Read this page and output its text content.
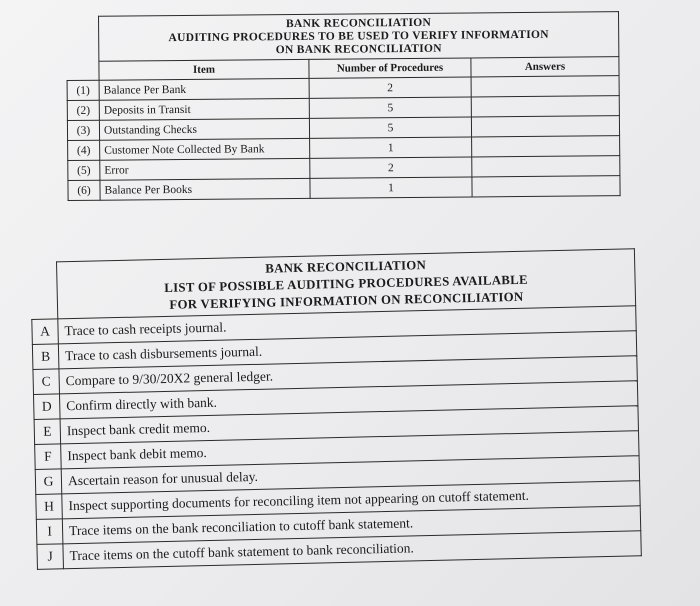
	BANK RECONCILIATION
AUDITING PROCEDURES TO BE USED TO VERIFY INFORMATION
ON BANK RECONCILIATION		

	Item	Number of Procedures	Answers
(1)	Balance Per Bank	2	
(2)	Deposits in Transit	5	
(3)	Outstanding Checks	5	
(4)	Customer Note Collected By Bank	1	
(5)	Error	2	
(6)	Balance Per Books	1	

	BANK RECONCILIATION
LIST OF POSSIBLE AUDITING PROCEDURES AVAILABLE
FOR VERIFYING INFORMATION ON RECONCILIATION

A	Trace to cash receipts journal.
B	Trace to cash disbursements journal.
C	Compare to 9/30/20X2 general ledger.
D	Confirm directly with bank.
E	Inspect bank credit memo.
F	Inspect bank debit memo.
G	Ascertain reason for unusual delay.
H	Inspect supporting documents for reconciling item not appearing on cutoff statement.
I	Trace items on the bank reconciliation to cutoff bank statement.
J	Trace items on the cutoff bank statement to bank reconciliation.
